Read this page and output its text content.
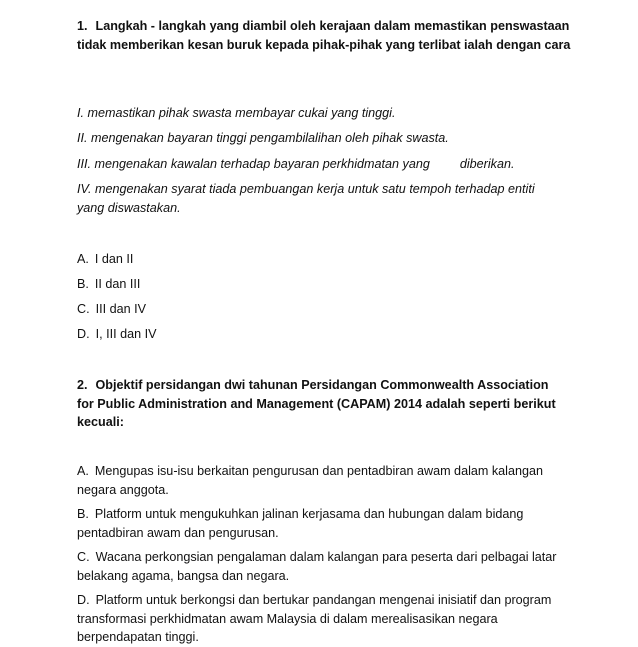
1. Langkah - langkah yang diambil oleh kerajaan dalam memastikan penswastaan tidak memberikan kesan buruk kepada pihak-pihak yang terlibat ialah dengan cara

I. memastikan pihak swasta membayar cukai yang tinggi.

II. mengenakan bayaran tinggi pengambilalihan oleh pihak swasta.

III. mengenakan kawalan terhadap bayaran perkhidmatan yang diberikan.

IV. mengenakan syarat tiada pembuangan kerja untuk satu tempoh terhadap entiti yang diswastakan.

A. I dan II

B. II dan III

C. III dan IV

D. I, III dan IV

2. Objektif persidangan dwi tahunan Persidangan Commonwealth Association for Public Administration and Management (CAPAM) 2014 adalah seperti berikut kecuali:

A. Mengupas isu-isu berkaitan pengurusan dan pentadbiran awam dalam kalangan negara anggota.

B. Platform untuk mengukuhkan jalinan kerjasama dan hubungan dalam bidang pentadbiran awam dan pengurusan.

C. Wacana perkongsian pengalaman dalam kalangan para peserta dari pelbagai latar belakang agama, bangsa dan negara.

D. Platform untuk berkongsi dan bertukar pandangan mengenai inisiatif dan program transformasi perkhidmatan awam Malaysia di dalam merealisasikan negara berpendapatan tinggi.
